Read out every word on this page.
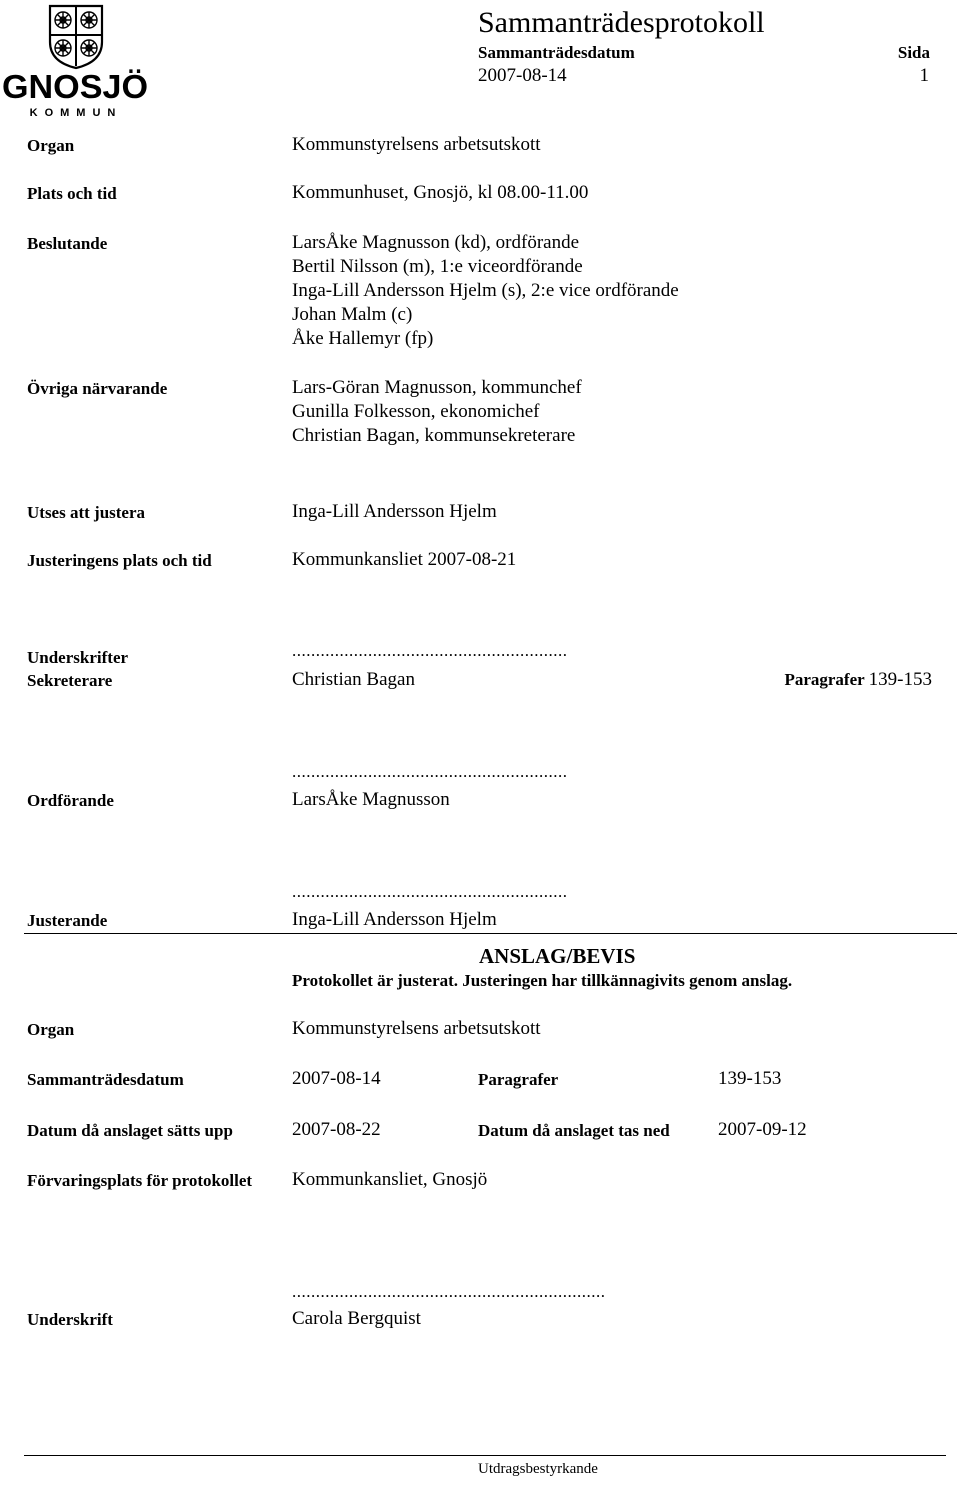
GNOSJÖ
KOMMUN
Sammanträdesprotokoll
Sammanträdesdatum	Sida
2007-08-14	1
Organ	Kommunstyrelsens arbetsutskott
Plats och tid	Kommunhuset, Gnosjö, kl 08.00-11.00
Beslutande	LarsÅke Magnusson (kd), ordförande
Bertil Nilsson (m), 1:e viceordförande
Inga-Lill Andersson Hjelm (s), 2:e vice ordförande
Johan Malm (c)
Åke Hallemyr (fp)
Övriga närvarande	Lars-Göran Magnusson, kommunchef
Gunilla Folkesson, ekonomichef
Christian Bagan, kommunsekreterare
Utses att justera	Inga-Lill Andersson Hjelm
Justeringens plats och tid	Kommunkansliet 2007-08-21
Underskrifter	..........................................................
Sekreterare	Christian Bagan	Paragrafer 139-153
..........................................................
Ordförande	LarsÅke Magnusson
..........................................................
Justerande	Inga-Lill Andersson Hjelm
ANSLAG/BEVIS
Protokollet är justerat. Justeringen har tillkännagivits genom anslag.
Organ	Kommunstyrelsens arbetsutskott
Sammanträdesdatum	2007-08-14	Paragrafer	139-153
Datum då anslaget sätts upp	2007-08-22	Datum då anslaget tas ned	2007-09-12
Förvaringsplats för protokollet Kommunkansliet, Gnosjö
..................................................................
Underskrift	Carola Bergquist
Utdragsbestyrkande
